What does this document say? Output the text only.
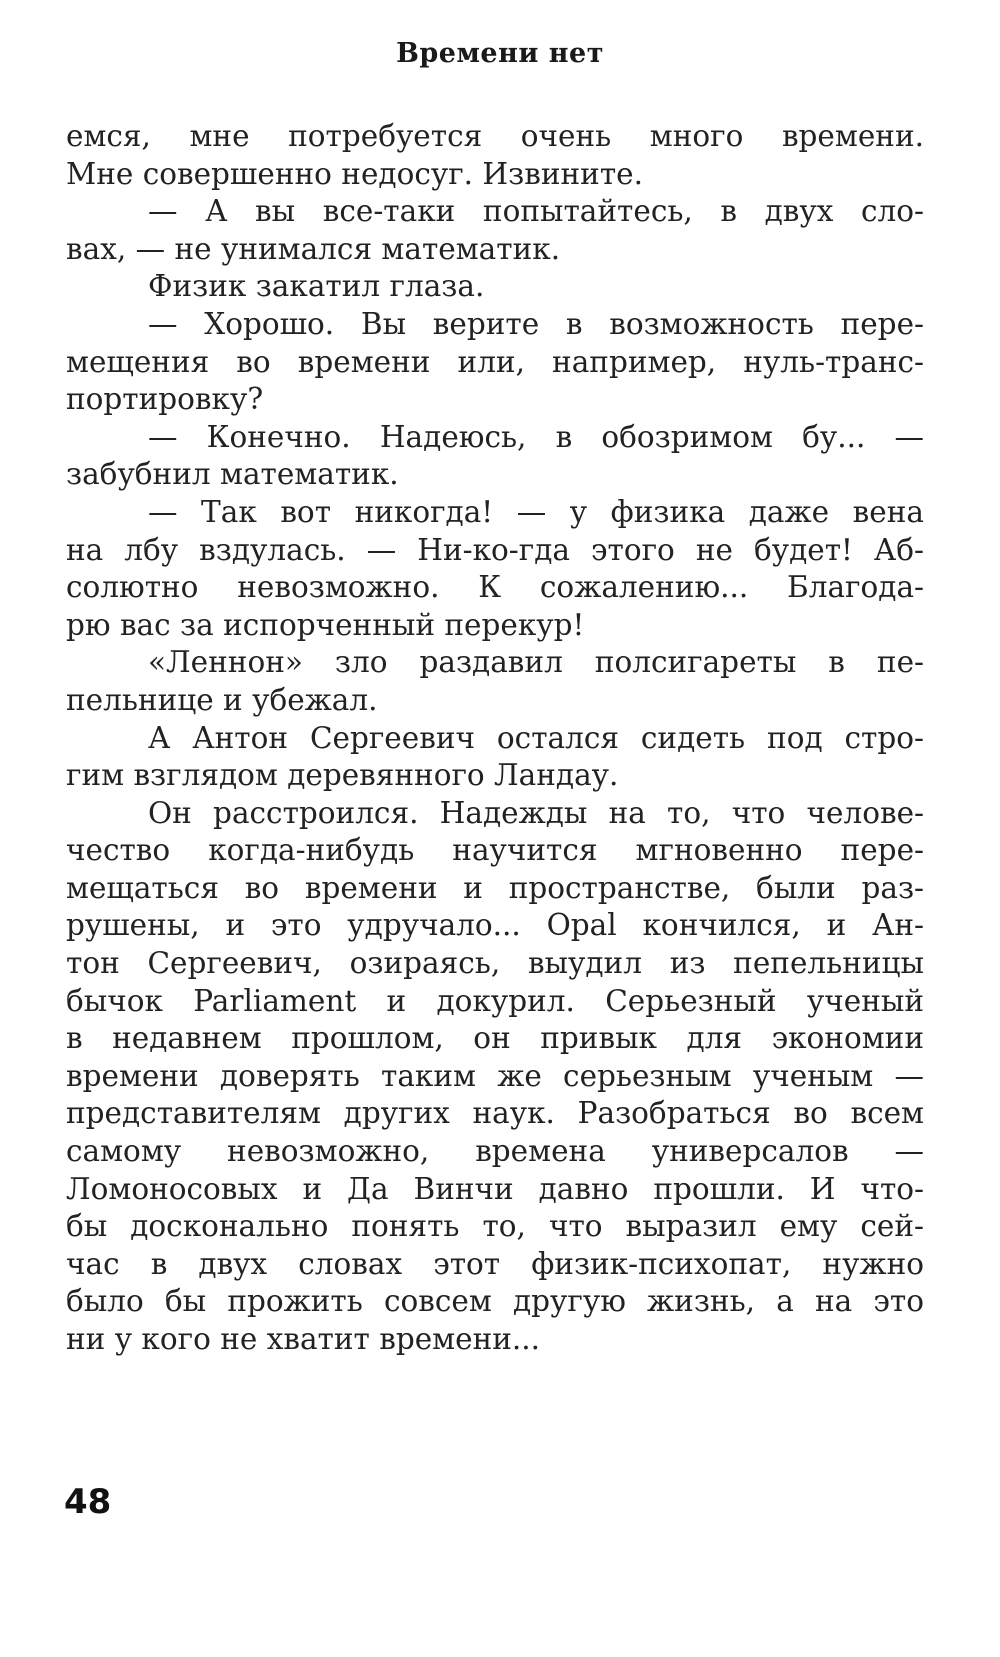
Времени нет
емся, мне потребуется очень много времени.
Мне совершенно недосуг. Извините.
— А вы все-таки попытайтесь, в двух сло-
вах, — не унимался математик.
Физик закатил глаза.
— Хорошо. Вы верите в возможность пере-
мещения во времени или, например, нуль-транс-
портировку?
— Конечно. Надеюсь, в обозримом бу... —
забубнил математик.
— Так вот никогда! — у физика даже вена
на лбу вздулась. — Ни-ко-гда этого не будет! Аб-
солютно невозможно. К сожалению... Благода-
рю вас за испорченный перекур!
«Леннон» зло раздавил полсигареты в пе-
пельнице и убежал.
А Антон Сергеевич остался сидеть под стро-
гим взглядом деревянного Ландау.
Он расстроился. Надежды на то, что челове-
чество когда-нибудь научится мгновенно пере-
мещаться во времени и пространстве, были раз-
рушены, и это удручало... Opal кончился, и Ан-
тон Сергеевич, озираясь, выудил из пепельницы
бычок Parliament и докурил. Серьезный ученый
в недавнем прошлом, он привык для экономии
времени доверять таким же серьезным ученым —
представителям других наук. Разобраться во всем
самому невозможно, времена универсалов —
Ломоносовых и Да Винчи давно прошли. И что-
бы досконально понять то, что выразил ему сей-
час в двух словах этот физик-психопат, нужно
было бы прожить совсем другую жизнь, а на это
ни у кого не хватит времени...
48
